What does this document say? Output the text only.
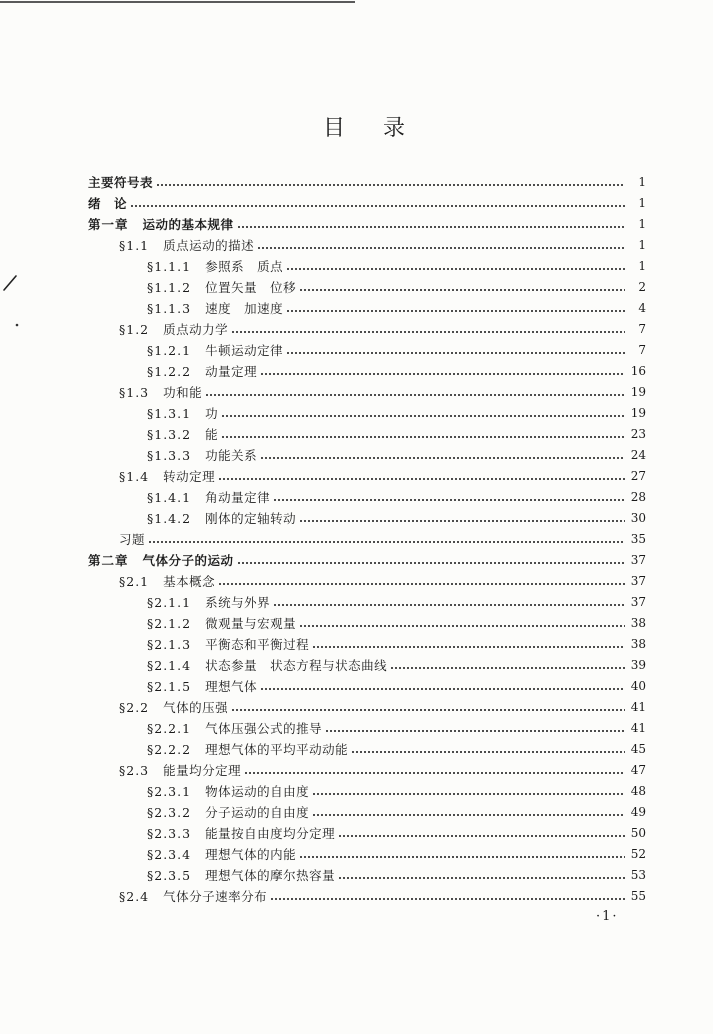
目　录
主要符号表	1
绪　论	1
第一章 运动的基本规律	1
§1.1 质点运动的描述	1
§1.1.1 参照系　质点	1
§1.1.2 位置矢量　位移	2
§1.1.3 速度　加速度	4
§1.2 质点动力学	7
§1.2.1 牛顿运动定律	7
§1.2.2 动量定理	16
§1.3 功和能	19
§1.3.1 功	19
§1.3.2 能	23
§1.3.3 功能关系	24
§1.4 转动定理	27
§1.4.1 角动量定律	28
§1.4.2 刚体的定轴转动	30
习题	35
第二章 气体分子的运动	37
§2.1 基本概念	37
§2.1.1 系统与外界	37
§2.1.2 微观量与宏观量	38
§2.1.3 平衡态和平衡过程	38
§2.1.4 状态参量　状态方程与状态曲线	39
§2.1.5 理想气体	40
§2.2 气体的压强	41
§2.2.1 气体压强公式的推导	41
§2.2.2 理想气体的平均平动动能	45
§2.3 能量均分定理	47
§2.3.1 物体运动的自由度	48
§2.3.2 分子运动的自由度	49
§2.3.3 能量按自由度均分定理	50
§2.3.4 理想气体的内能	52
§2.3.5 理想气体的摩尔热容量	53
§2.4 气体分子速率分布	55
·1·
